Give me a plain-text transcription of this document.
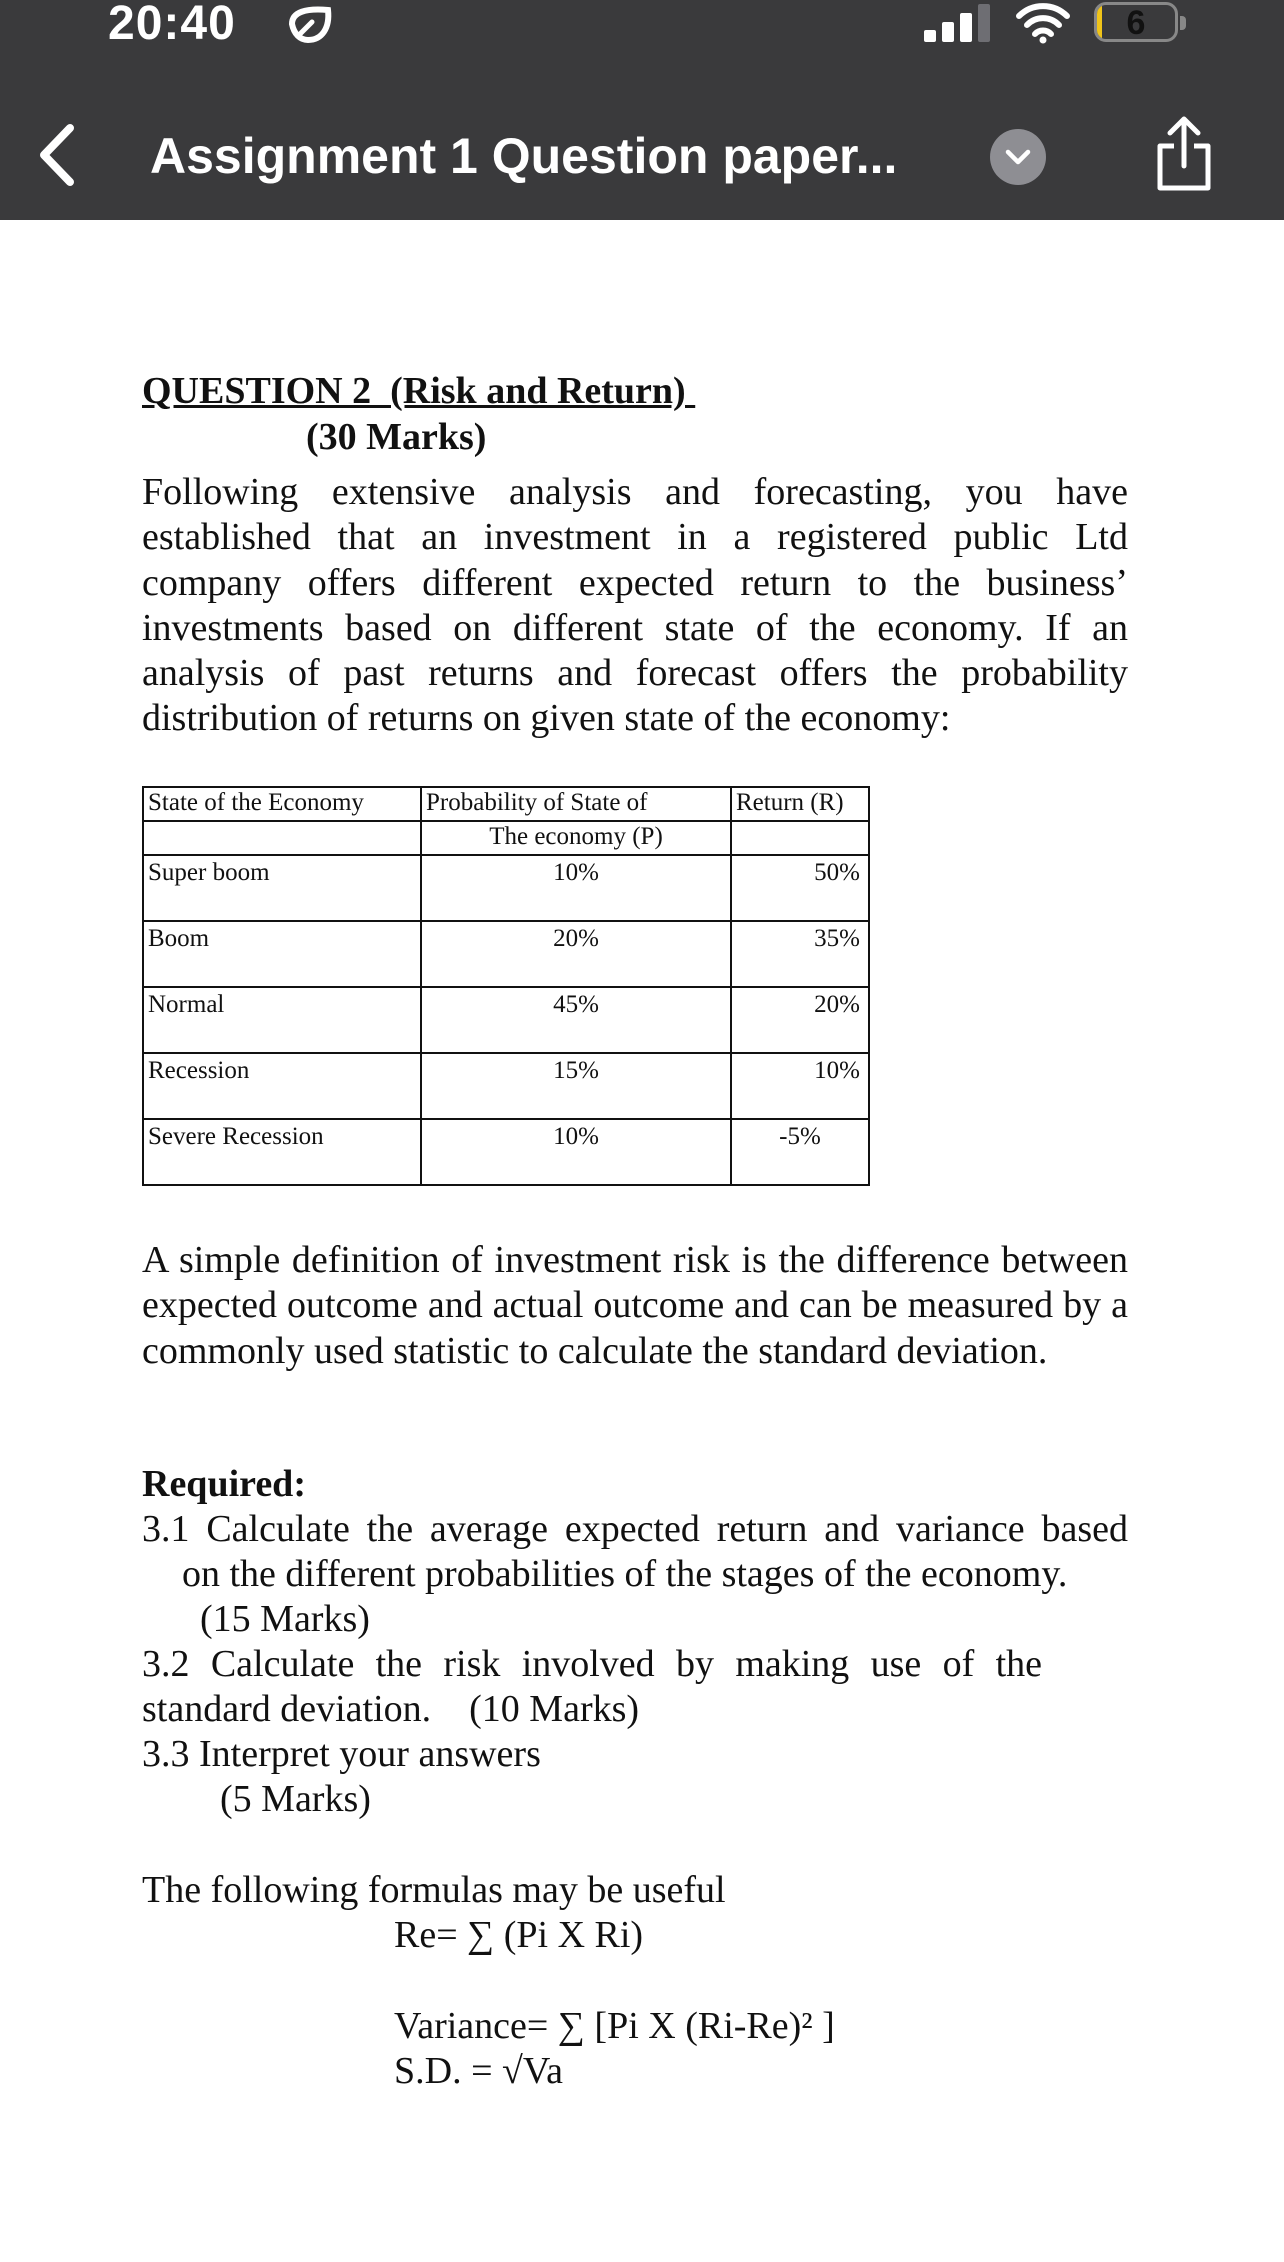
20:40	6
Assignment 1 Question paper...
QUESTION 2  (Risk and Return)
(30 Marks)
Following extensive analysis and forecasting, you have established that an investment in a registered public Ltd company offers different expected return to the business’ investments based on different state of the economy. If an analysis of past returns and forecast offers the probability distribution of returns on given state of the economy:
State of the Economy	Probability of State of	Return (R)
	The economy (P)	
Super boom	10%	50%
Boom	20%	35%
Normal	45%	20%
Recession	15%	10%
Severe Recession	10%	-5%
A simple definition of investment risk is the difference between expected outcome and actual outcome and can be measured by a commonly used statistic to calculate the standard deviation.
Required:
3.1 Calculate the average expected return and variance based
on the different probabilities of the stages of the economy.
(15 Marks)
3.2 Calculate the risk involved by making use of the
standard deviation.    (10 Marks)
3.3 Interpret your answers
(5 Marks)
The following formulas may be useful
Re= ∑ (Pi X Ri)
Variance= ∑ [Pi X (Ri-Re)² ]
S.D. = √Va
